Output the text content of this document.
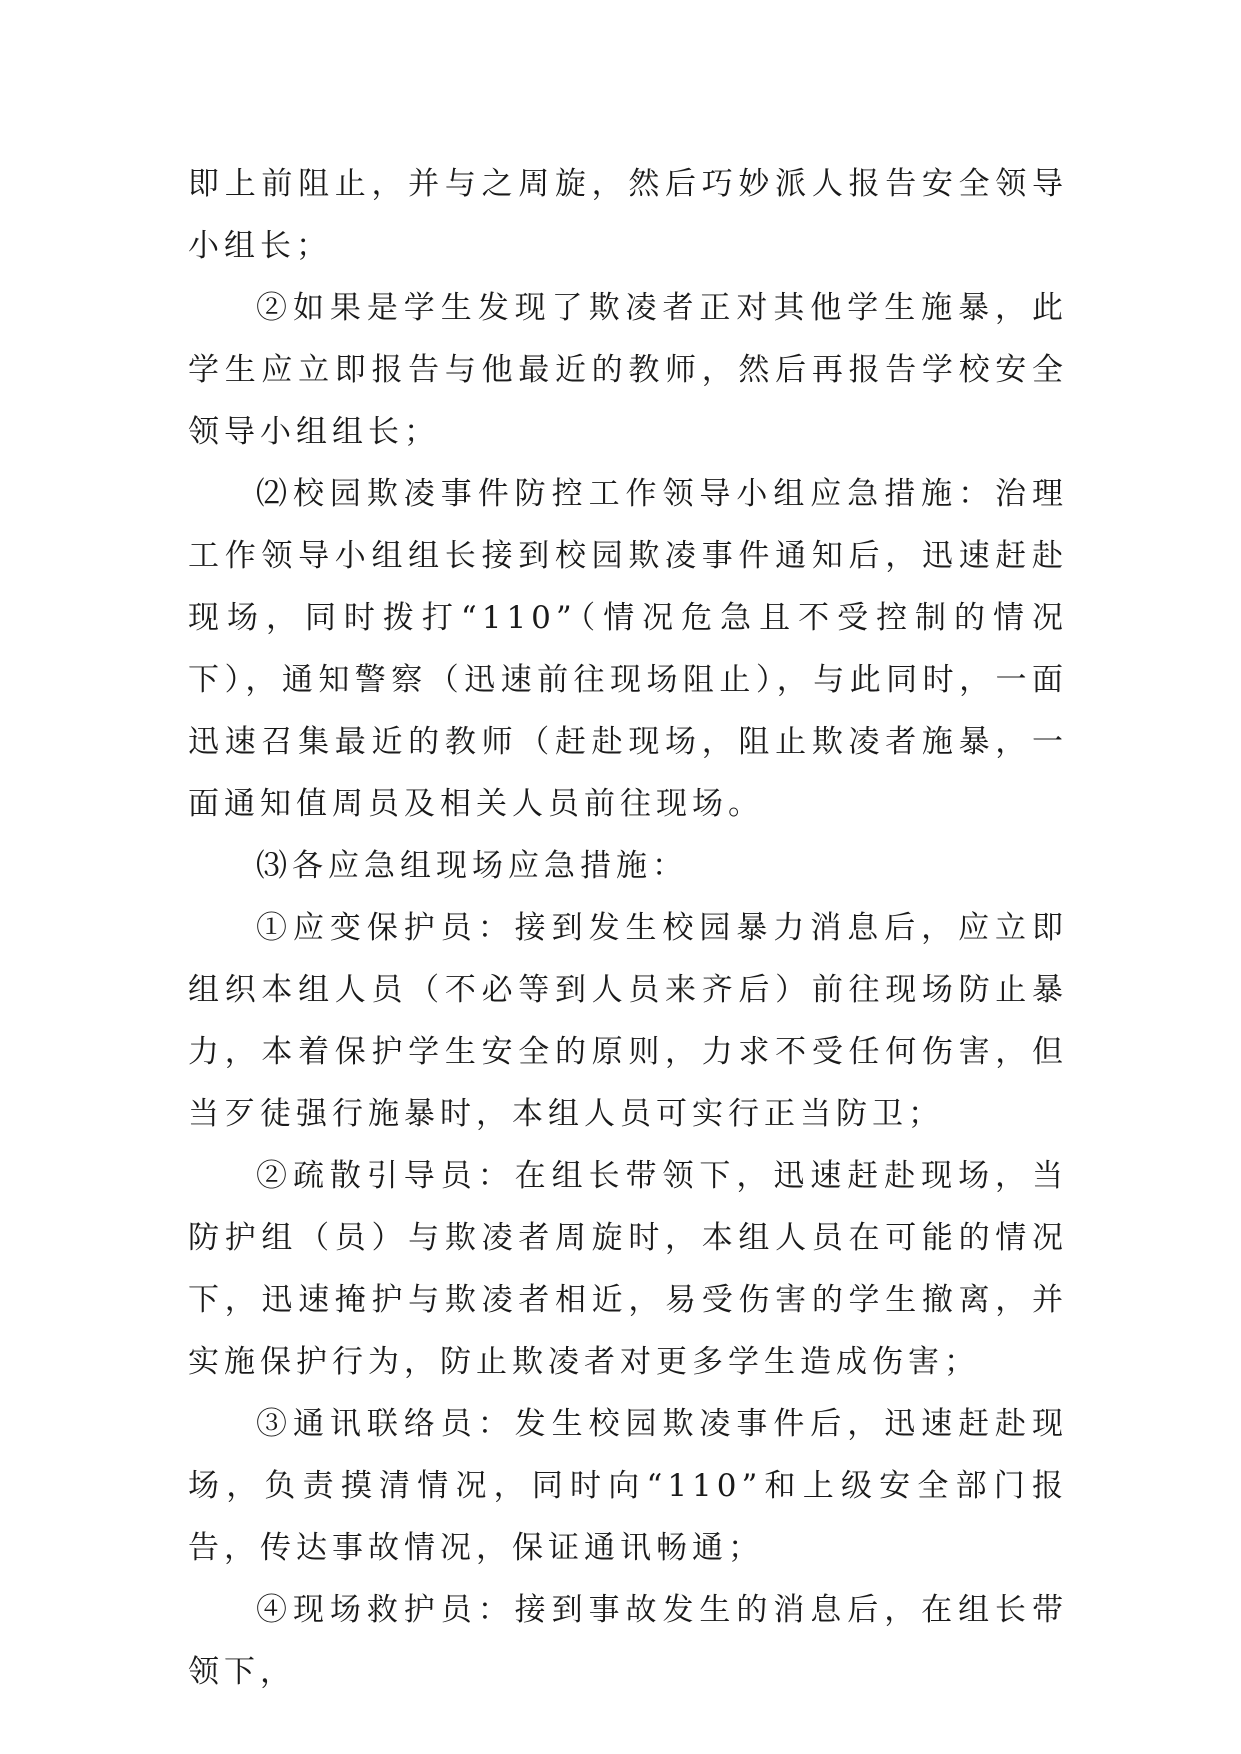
即上前阻止，并与之周旋，然后巧妙派人报告安全领导小组长；

②如果是学生发现了欺凌者正对其他学生施暴，此学生应立即报告与他最近的教师，然后再报告学校安全领导小组组长；

⑵校园欺凌事件防控工作领导小组应急措施：治理工作领导小组组长接到校园欺凌事件通知后，迅速赶赴现场，同时拨打“110”（情况危急且不受控制的情况下），通知警察（迅速前往现场阻止），与此同时，一面迅速召集最近的教师（赶赴现场，阻止欺凌者施暴，一面通知值周员及相关人员前往现场。

⑶各应急组现场应急措施：

①应变保护员：接到发生校园暴力消息后，应立即组织本组人员（不必等到人员来齐后）前往现场防止暴力，本着保护学生安全的原则，力求不受任何伤害，但当歹徒强行施暴时，本组人员可实行正当防卫；

②疏散引导员：在组长带领下，迅速赶赴现场，当防护组（员）与欺凌者周旋时，本组人员在可能的情况下，迅速掩护与欺凌者相近，易受伤害的学生撤离，并实施保护行为，防止欺凌者对更多学生造成伤害；

③通讯联络员：发生校园欺凌事件后，迅速赶赴现场，负责摸清情况，同时向“110”和上级安全部门报告，传达事故情况，保证通讯畅通；

④现场救护员：接到事故发生的消息后，在组长带领下，
